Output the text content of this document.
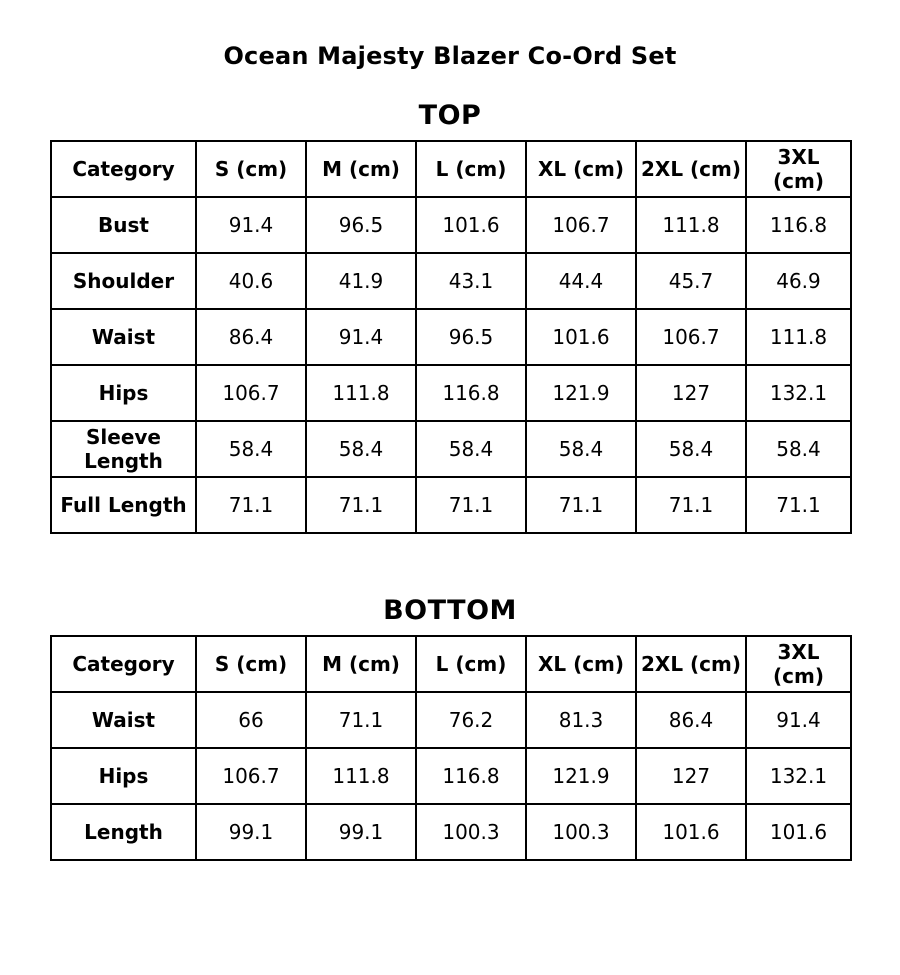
Ocean Majesty Blazer Co-Ord Set
TOP
Category	S (cm)	M (cm)	L (cm)	XL (cm)	2XL (cm)	3XL (cm)
Bust	91.4	96.5	101.6	106.7	111.8	116.8
Shoulder	40.6	41.9	43.1	44.4	45.7	46.9
Waist	86.4	91.4	96.5	101.6	106.7	111.8
Hips	106.7	111.8	116.8	121.9	127	132.1
Sleeve Length	58.4	58.4	58.4	58.4	58.4	58.4
Full Length	71.1	71.1	71.1	71.1	71.1	71.1
BOTTOM
Category	S (cm)	M (cm)	L (cm)	XL (cm)	2XL (cm)	3XL (cm)
Waist	66	71.1	76.2	81.3	86.4	91.4
Hips	106.7	111.8	116.8	121.9	127	132.1
Length	99.1	99.1	100.3	100.3	101.6	101.6
